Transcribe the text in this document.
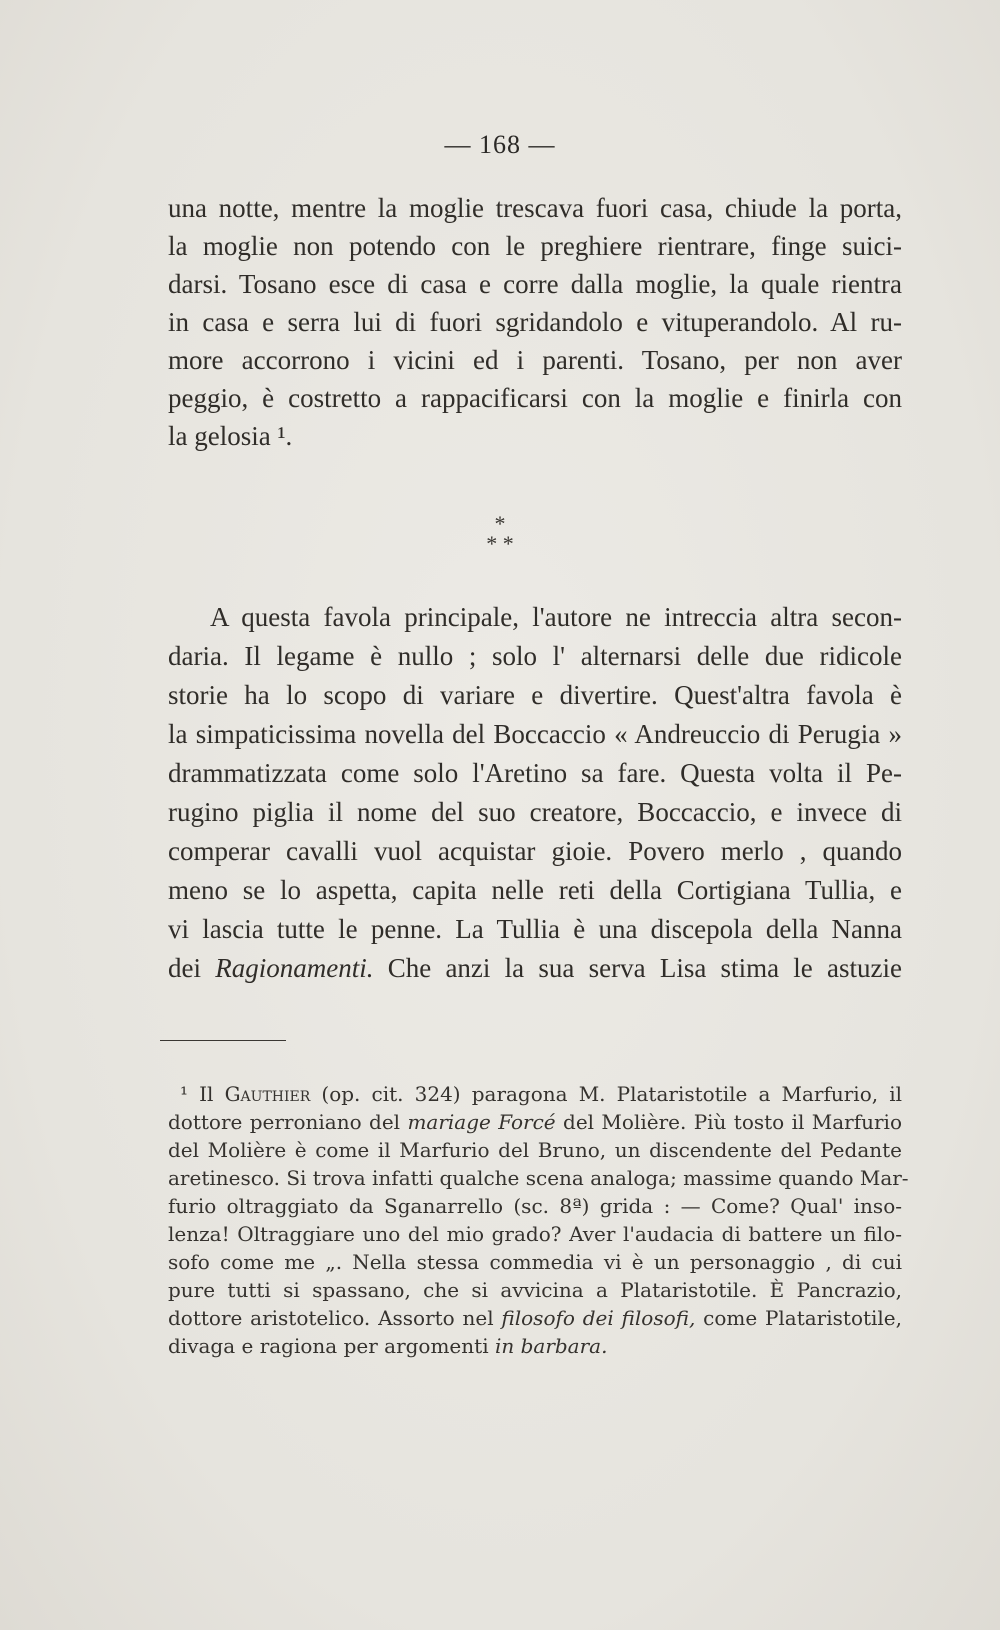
— 168 —
una notte, mentre la moglie trescava fuori casa, chiude la porta,
la moglie non potendo con le preghiere rientrare, finge suici-
darsi. Tosano esce di casa e corre dalla moglie, la quale rientra
in casa e serra lui di fuori sgridandolo e vituperandolo. Al ru-
more accorrono i vicini ed i parenti. Tosano, per non aver
peggio, è costretto a rappacificarsi con la moglie e finirla con
la gelosia ¹.
*
* *
A questa favola principale, l'autore ne intreccia altra secon-
daria. Il legame è nullo ; solo l' alternarsi delle due ridicole
storie ha lo scopo di variare e divertire. Quest'altra favola è
la simpaticissima novella del Boccaccio « Andreuccio di Perugia »
drammatizzata come solo l'Aretino sa fare. Questa volta il Pe-
rugino piglia il nome del suo creatore, Boccaccio, e invece di
comperar cavalli vuol acquistar gioie. Povero merlo , quando
meno se lo aspetta, capita nelle reti della Cortigiana Tullia, e
vi lascia tutte le penne. La Tullia è una discepola della Nanna
dei Ragionamenti. Che anzi la sua serva Lisa stima le astuzie
¹ Il Gauthier (op. cit. 324) paragona M. Plataristotile a Marfurio, il
dottore perroniano del mariage Forcé del Molière. Più tosto il Marfurio
del Molière è come il Marfurio del Bruno, un discendente del Pedante
aretinesco. Si trova infatti qualche scena analoga; massime quando Mar-
furio oltraggiato da Sganarrello (sc. 8ª) grida : — Come? Qual' inso-
lenza! Oltraggiare uno del mio grado? Aver l'audacia di battere un filo-
sofo come me „. Nella stessa commedia vi è un personaggio , di cui
pure tutti si spassano, che si avvicina a Plataristotile. È Pancrazio,
dottore aristotelico. Assorto nel filosofo dei filosofi, come Plataristotile,
divaga e ragiona per argomenti in barbara.
